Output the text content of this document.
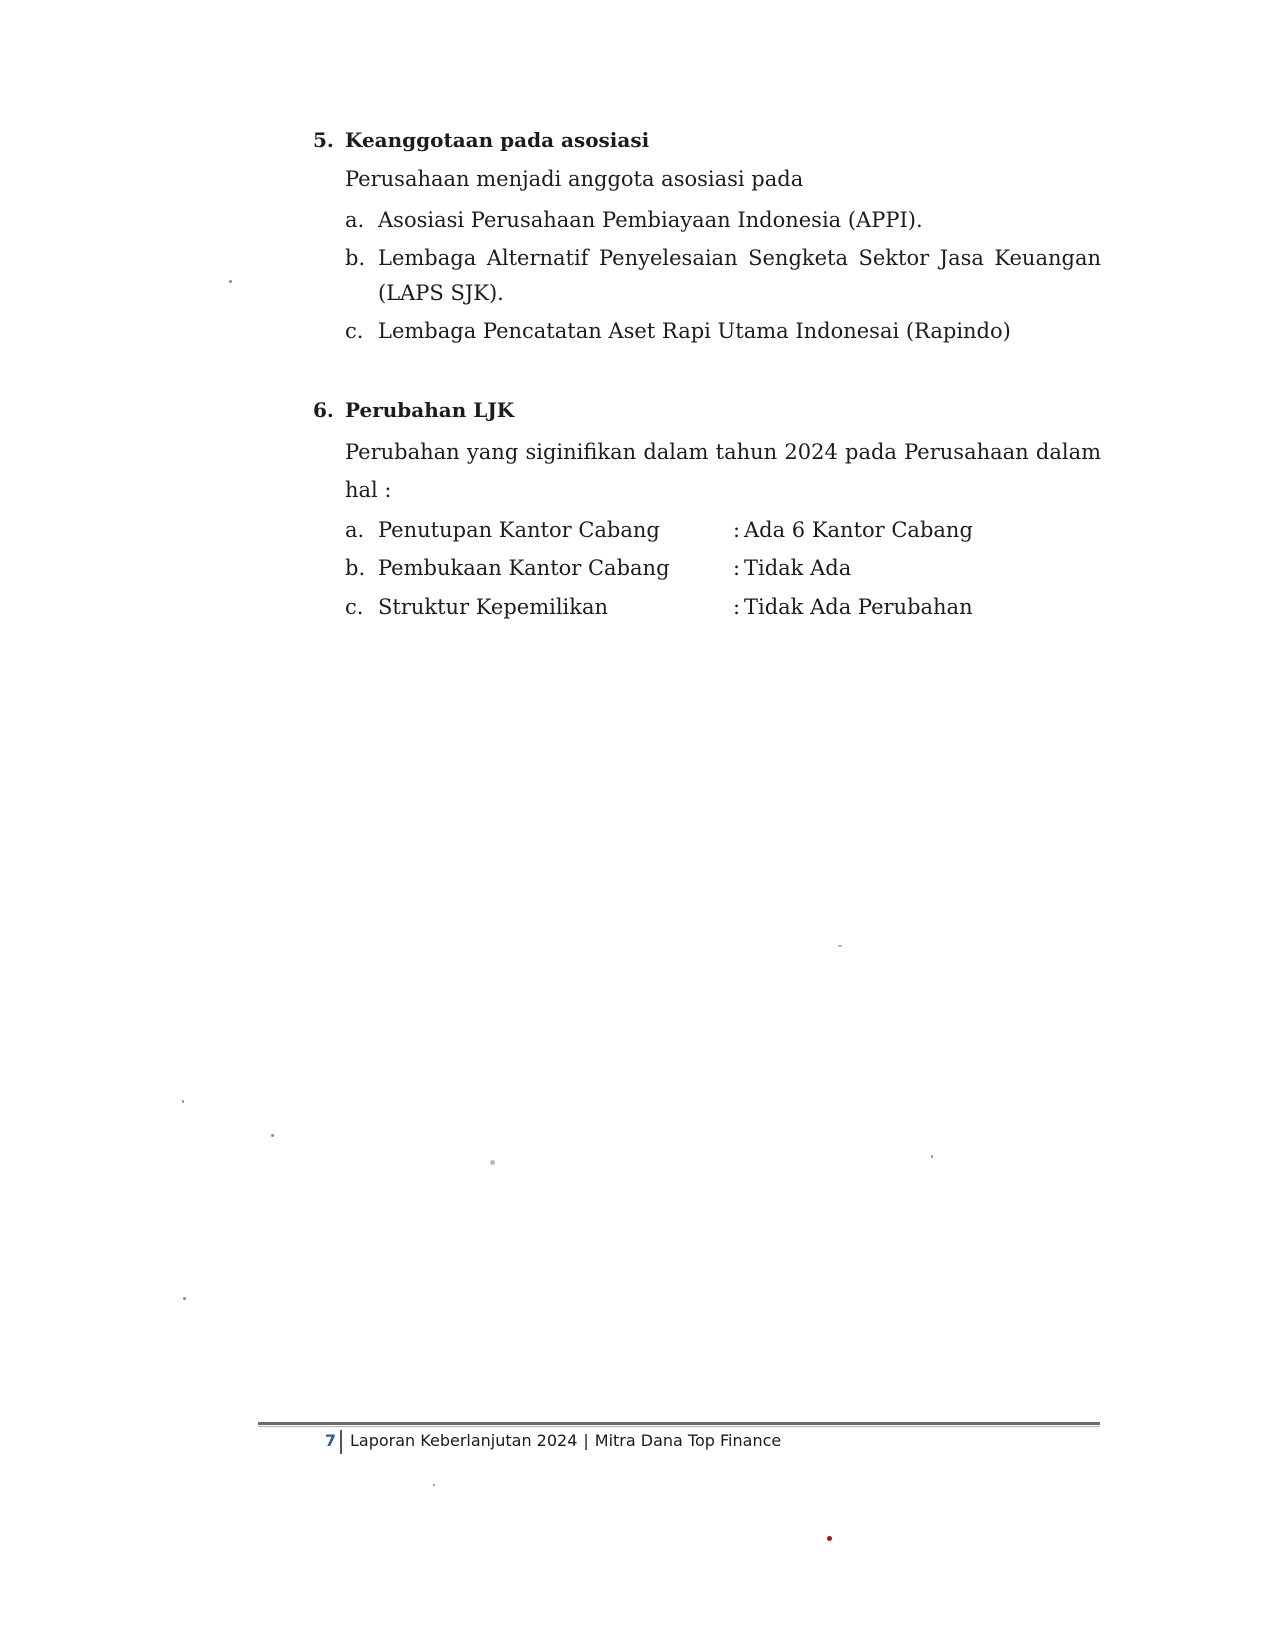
5. Keanggotaan pada asosiasi
Perusahaan menjadi anggota asosiasi pada
a. Asosiasi Perusahaan Pembiayaan Indonesia (APPI).
b. Lembaga Alternatif Penyelesaian Sengketa Sektor Jasa Keuangan (LAPS SJK).
c. Lembaga Pencatatan Aset Rapi Utama Indonesai (Rapindo)
6. Perubahan LJK
Perubahan yang siginifikan dalam tahun 2024 pada Perusahaan dalam hal :
a. Penutupan Kantor Cabang	: Ada 6 Kantor Cabang
b. Pembukaan Kantor Cabang	: Tidak Ada
c. Struktur Kepemilikan	: Tidak Ada Perubahan
7 Laporan Keberlanjutan 2024 | Mitra Dana Top Finance
